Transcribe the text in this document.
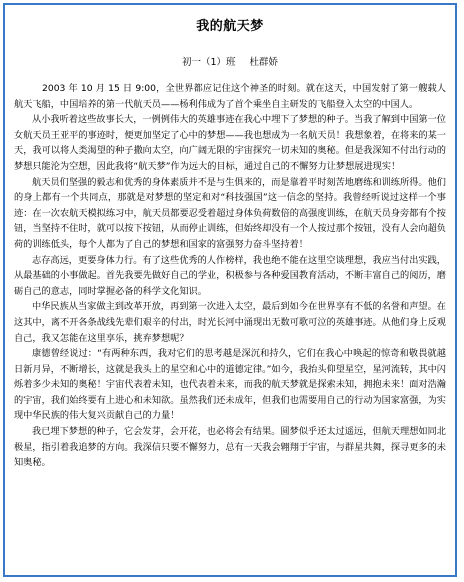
我的航天梦
初一（1）班 杜群娇

2003 年 10 月 15 日 9:00，全世界都应记住这个神圣的时刻。就在这天，中国发射了第一艘载人航天飞船，中国培养的第一代航天员——杨利伟成为了首个乘坐自主研发的飞船登入太空的中国人。

从小我听着这些故事长大，一例例伟大的英雄事迹在我心中埋下了梦想的种子。当我了解到中国第一位女航天员王亚平的事迹时，便更加坚定了心中的梦想——我也想成为一名航天员！我想象着，在将来的某一天，我可以将人类渴望的种子撒向太空，向广阔无限的宇宙探究一切未知的奥秘。但是我深知不付出行动的梦想只能沦为空想，因此我将“航天梦”作为远大的目标，通过自己的不懈努力让梦想展进现实！

航天员们坚强的毅志和优秀的身体素质并不是与生俱来的，而是靠着平时刻苦地磨练和训练所得。他们的身上都有一个共同点，那就是对梦想的坚定和对“科技强国”这一信念的坚持。我曾经听说过这样一个事迹：在一次农航天模拟练习中，航天员都要忍受着超过身体负荷数倍的高强度训练，在航天员身旁都有个按钮，当坚持不住时，就可以按下按钮，从而停止训练，但始终却没有一个人按过那个按钮，没有人会向超负荷的训练低头，每个人都为了自己的梦想和国家的富强努力奋斗坚持着！

志存高远，更要身体力行。有了这些优秀的人作榜样，我也绝不能在这里空谈理想，我应当付出实践，从最基础的小事做起。首先我要先做好自己的学业，积极参与各种爱国教育活动，不断丰富自己的阅历，磨砺自己的意志，同时掌握必备的科学文化知识。

中华民族从当家做主到改革开放，再到第一次进入太空，最后到如今在世界享有不低的名誉和声望。在这其中，离不开各条战线先辈们艰辛的付出，时光长河中涌现出无数可歌可泣的英雄事迹。从他们身上反观自己，我又怎能在这里享乐，挑弃梦想呢？

康德曾经说过：“有两种东西，我对它们的思考越是深沉和持久，它们在我心中唤起的惊奇和敬畏就越日新月异，不断增长，这就是我头上的星空和心中的道德定律。”如今，我抬头仰望星空，星河流转，其中闪烁着多少未知的奥秘！宇宙代表着未知，也代表着未来，而我的航天梦就是探索未知，拥抱未来！面对浩瀚的宇宙，我们始终要有上进心和未知欲。虽然我们还未成年，但我们也需要用自己的行动为国家富强，为实现中华民族的伟大复兴贡献自己的力量！

我已埋下梦想的种子，它会发芽，会开花，也必将会有结果。圆梦似乎还太过遥远，但航天理想如同北极星，指引着我追梦的方向。我深信只要不懈努力，总有一天我会翱翔于宇宙，与群星共舞，探寻更多的未知奥秘。
